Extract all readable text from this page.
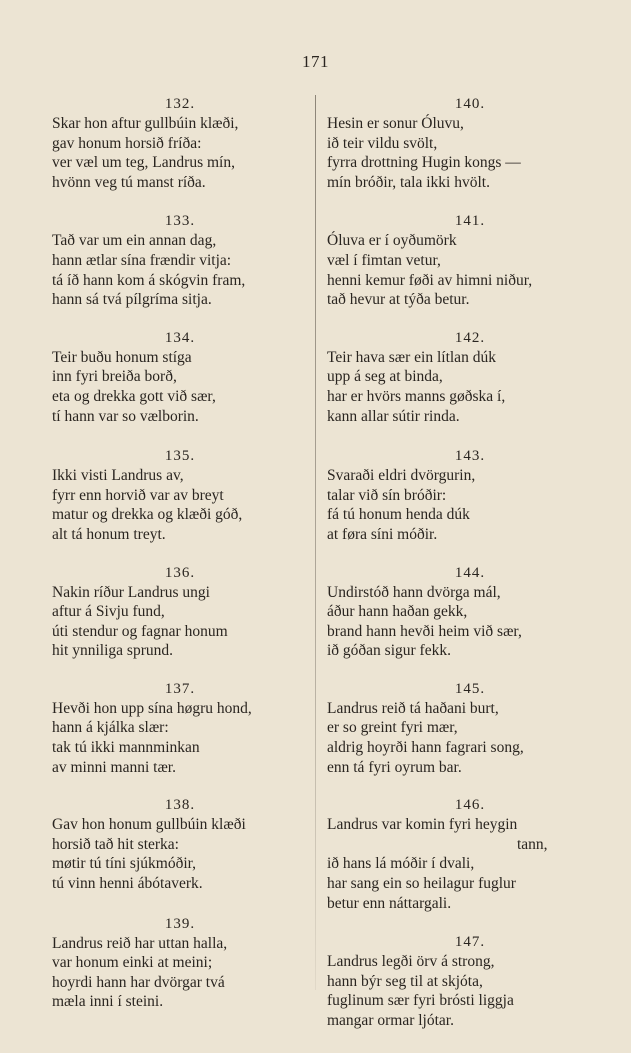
171
132.
Skar hon aftur gullbúin klæði,
gav honum horsið fríða:
ver væl um teg, Landrus mín,
hvönn veg tú manst ríða.
133.
Tað var um ein annan dag,
hann ætlar sína frændir vitja:
tá íð hann kom á skógvin fram,
hann sá tvá pílgríma sitja.
134.
Teir buðu honum stíga
inn fyri breiða borð,
eta og drekka gott við sær,
tí hann var so vælborin.
135.
Ikki visti Landrus av,
fyrr enn horvið var av breyt
matur og drekka og klæði góð,
alt tá honum treyt.
136.
Nakin ríður Landrus ungi
aftur á Sivju fund,
úti stendur og fagnar honum
hit ynniliga sprund.
137.
Hevði hon upp sína høgru hond,
hann á kjálka slær:
tak tú ikki mannminkan
av minni manni tær.
138.
Gav hon honum gullbúin klæði
horsið tað hit sterka:
møtir tú tíni sjúkmóðir,
tú vinn henni ábótaverk.
139.
Landrus reið har uttan halla,
var honum einki at meini;
hoyrdi hann har dvörgar tvá
mæla inni í steini.
140.
Hesin er sonur Óluvu,
ið teir vildu svölt,
fyrra drottning Hugin kongs —
mín bróðir, tala ikki hvölt.
141.
Óluva er í oyðumörk
væl í fimtan vetur,
henni kemur føði av himni niður,
tað hevur at týða betur.
142.
Teir hava sær ein lítlan dúk
upp á seg at binda,
har er hvörs manns gøðska í,
kann allar sútir rinda.
143.
Svaraði eldri dvörgurin,
talar við sín bróðir:
fá tú honum henda dúk
at føra síni móðir.
144.
Undirstóð hann dvörga mál,
áður hann haðan gekk,
brand hann hevði heim við sær,
ið góðan sigur fekk.
145.
Landrus reið tá haðani burt,
er so greint fyri mær,
aldrig hoyrði hann fagrari song,
enn tá fyri oyrum bar.
146.
Landrus var komin fyri heygin
tann,
ið hans lá móðir í dvali,
har sang ein so heilagur fuglur
betur enn náttargali.
147.
Landrus legði örv á strong,
hann býr seg til at skjóta,
fuglinum sær fyri brósti liggja
mangar ormar ljótar.
